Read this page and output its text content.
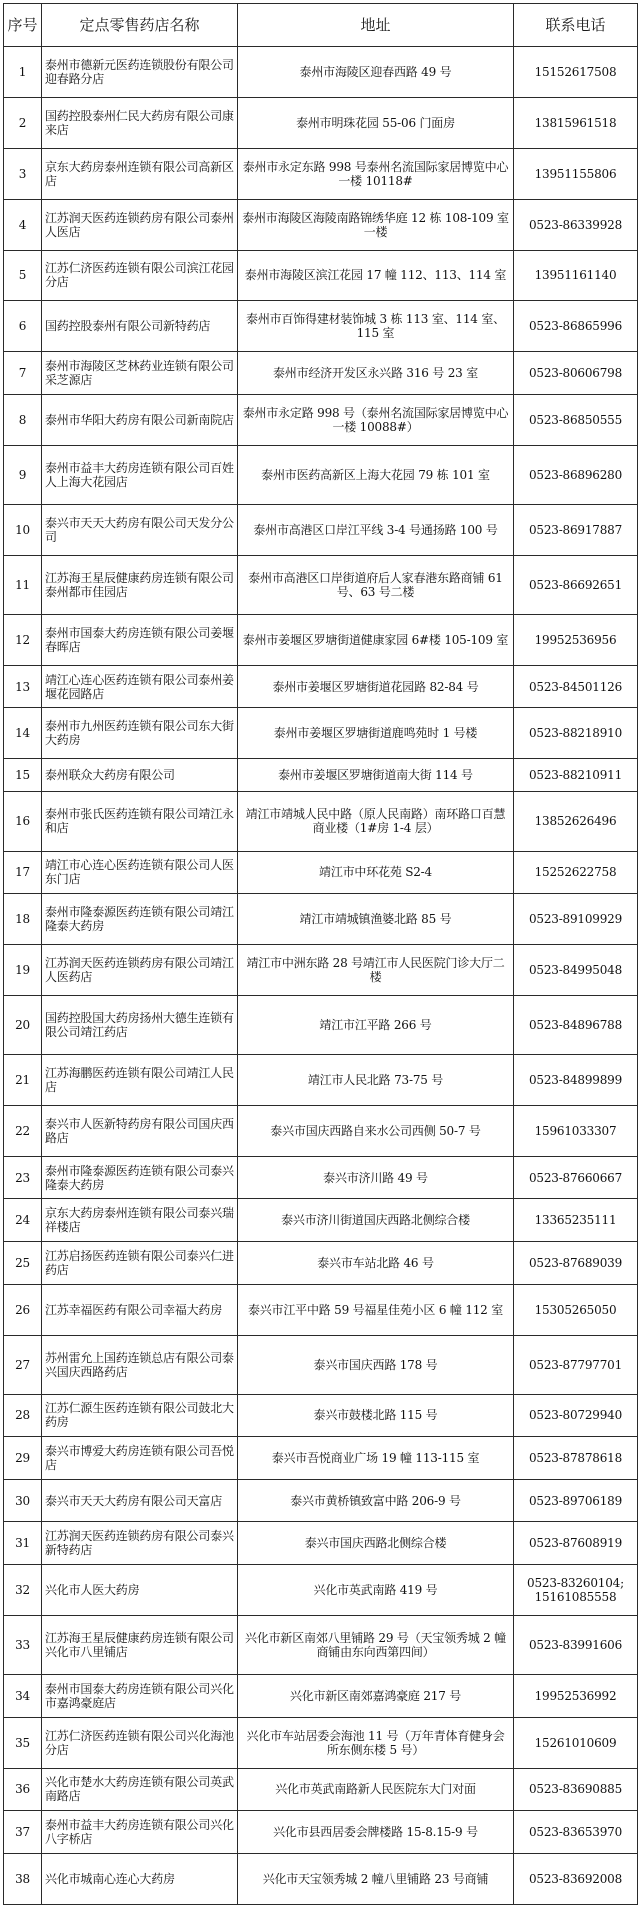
序号	定点零售药店名称	地址	联系电话
1	泰州市德新元医药连锁股份有限公司迎春路分店	泰州市海陵区迎春西路 49 号	15152617508
2	国药控股泰州仁民大药房有限公司康来店	泰州市明珠花园 55-06 门面房	13815961518
3	京东大药房泰州连锁有限公司高新区店	泰州市永定东路 998 号泰州名流国际家居博览中心一楼 10118#	13951155806
4	江苏润天医药连锁药房有限公司泰州人医店	泰州市海陵区海陵南路锦绣华庭 12 栋 108-109 室一楼	0523-86339928
5	江苏仁济医药连锁有限公司滨江花园分店	泰州市海陵区滨江花园 17 幢 112、113、114 室	13951161140
6	国药控股泰州有限公司新特药店	泰州市百饰得建材装饰城 3 栋 113 室、114 室、115 室	0523-86865996
7	泰州市海陵区芝林药业连锁有限公司采芝源店	泰州市经济开发区永兴路 316 号 23 室	0523-80606798
8	泰州市华阳大药房有限公司新南院店	泰州市永定路 998 号（泰州名流国际家居博览中心一楼 10088#）	0523-86850555
9	泰州市益丰大药房连锁有限公司百姓人上海大花园店	泰州市医药高新区上海大花园 79 栋 101 室	0523-86896280
10	泰兴市天天大药房有限公司天发分公司	泰州市高港区口岸江平线 3-4 号通扬路 100 号	0523-86917887
11	江苏海王星辰健康药房连锁有限公司泰州都市佳园店	泰州市高港区口岸街道府后人家春港东路商铺 61 号、63 号二楼	0523-86692651
12	泰州市国泰大药房连锁有限公司姜堰春晖店	泰州市姜堰区罗塘街道健康家园 6#楼 105-109 室	19952536956
13	靖江心连心医药连锁有限公司泰州姜堰花园路店	泰州市姜堰区罗塘街道花园路 82-84 号	0523-84501126
14	泰州市九州医药连锁有限公司东大街大药房	泰州市姜堰区罗塘街道鹿鸣苑时 1 号楼	0523-88218910
15	泰州联众大药房有限公司	泰州市姜堰区罗塘街道南大街 114 号	0523-88210911
16	泰州市张氏医药连锁有限公司靖江永和店	靖江市靖城人民中路（原人民南路）南环路口百慧商业楼（1#房 1-4 层）	13852626496
17	靖江市心连心医药连锁有限公司人医东门店	靖江市中环花苑 S2-4	15252622758
18	泰州市隆泰源医药连锁有限公司靖江隆泰大药房	靖江市靖城镇渔婆北路 85 号	0523-89109929
19	江苏润天医药连锁药房有限公司靖江人医药店	靖江市中洲东路 28 号靖江市人民医院门诊大厅二楼	0523-84995048
20	国药控股国大药房扬州大德生连锁有限公司靖江药店	靖江市江平路 266 号	0523-84896788
21	江苏海鹏医药连锁有限公司靖江人民店	靖江市人民北路 73-75 号	0523-84899899
22	泰兴市人医新特药房有限公司国庆西路店	泰兴市国庆西路自来水公司西侧 50-7 号	15961033307
23	泰州市隆泰源医药连锁有限公司泰兴隆泰大药房	泰兴市济川路 49 号	0523-87660667
24	京东大药房泰州连锁有限公司泰兴瑞祥楼店	泰兴市济川街道国庆西路北侧综合楼	13365235111
25	江苏启扬医药连锁有限公司泰兴仁进药店	泰兴市车站北路 46 号	0523-87689039
26	江苏幸福医药有限公司幸福大药房	泰兴市江平中路 59 号福星佳苑小区 6 幢 112 室	15305265050
27	苏州雷允上国药连锁总店有限公司泰兴国庆西路药店	泰兴市国庆西路 178 号	0523-87797701
28	江苏仁源生医药连锁有限公司鼓北大药房	泰兴市鼓楼北路 115 号	0523-80729940
29	泰兴市博爱大药房连锁有限公司吾悦店	泰兴市吾悦商业广场 19 幢 113-115 室	0523-87878618
30	泰兴市天天大药房有限公司天富店	泰兴市黄桥镇致富中路 206-9 号	0523-89706189
31	江苏润天医药连锁药房有限公司泰兴新特药店	泰兴市国庆西路北侧综合楼	0523-87608919
32	兴化市人医大药房	兴化市英武南路 419 号	0523-83260104; 15161085558
33	江苏海王星辰健康药房连锁有限公司兴化市八里铺店	兴化市新区南郊八里铺路 29 号（天宝领秀城 2 幢商铺由东向西第四间）	0523-83991606
34	泰州市国泰大药房连锁有限公司兴化市嘉鸿豪庭店	兴化市新区南郊嘉鸿豪庭 217 号	19952536992
35	江苏仁济医药连锁有限公司兴化海池分店	兴化市车站居委会海池 11 号（万年青体育健身会所东侧东楼 5 号）	15261010609
36	兴化市楚水大药房连锁有限公司英武南路店	兴化市英武南路新人民医院东大门对面	0523-83690885
37	泰州市益丰大药房连锁有限公司兴化八字桥店	兴化市县西居委会牌楼路 15-8.15-9 号	0523-83653970
38	兴化市城南心连心大药房	兴化市天宝领秀城 2 幢八里铺路 23 号商铺	0523-83692008
